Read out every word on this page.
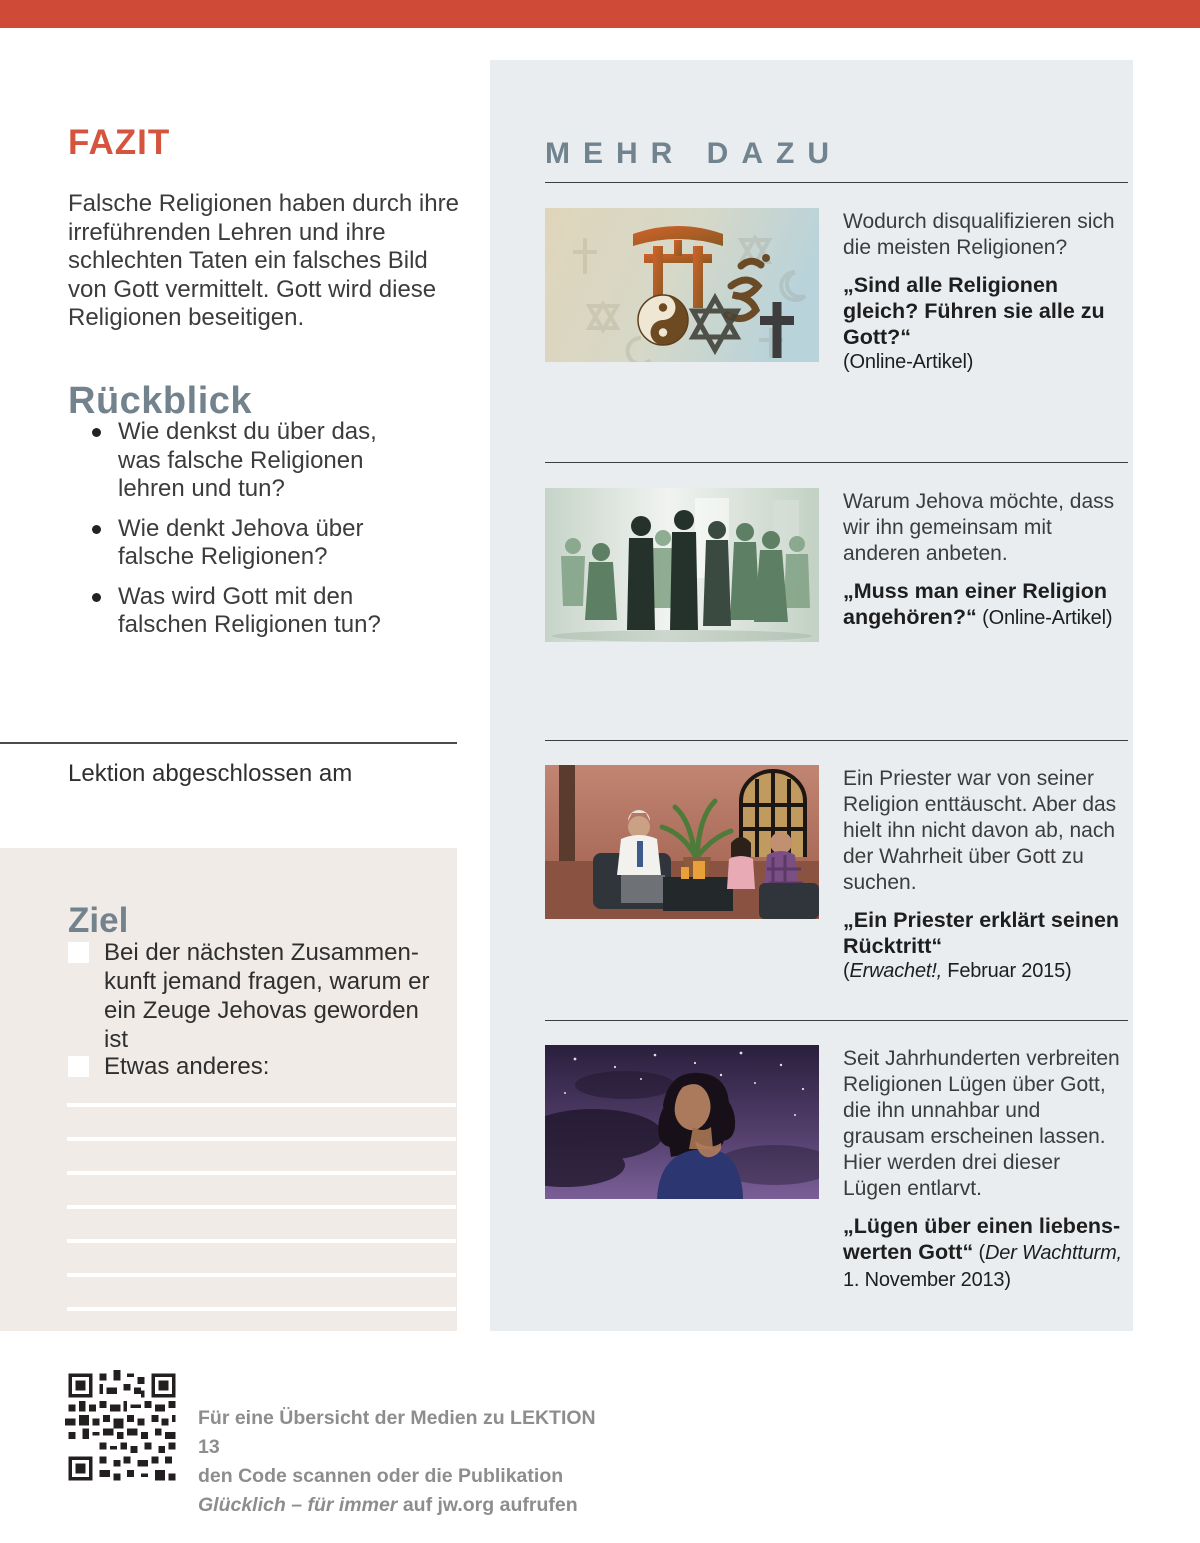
FAZIT

Falsche Religionen haben durch ihre irreführenden Lehren und ihre schlechten Taten ein falsches Bild von Gott vermittelt. Gott wird diese Religionen beseitigen.

Rückblick
Wie denkst du über das, was falsche Religionen lehren und tun?
Wie denkt Jehova über falsche Religionen?
Was wird Gott mit den falschen Religionen tun?
Lektion abgeschlossen am
Ziel
Bei der nächsten Zusammenkunft jemand fragen, warum er ein Zeuge Jehovas geworden ist
Etwas anderes:
MEHR DAZU

Wodurch disqualifizieren sich die meisten Religionen?

„Sind alle Religionen gleich? Führen sie alle zu Gott?“
(Online-Artikel)

Warum Jehova möchte, dass wir ihn gemeinsam mit anderen anbeten.

„Muss man einer Religion angehören?“ (Online-Artikel)

Ein Priester war von seiner Religion enttäuscht. Aber das hielt ihn nicht davon ab, nach der Wahrheit über Gott zu suchen.

„Ein Priester erklärt seinen Rücktritt“
(Erwachet!, Februar 2015)

Seit Jahrhunderten verbreiten Religionen Lügen über Gott, die ihn unnahbar und grausam erscheinen lassen. Hier werden drei dieser Lügen entlarvt.

„Lügen über einen liebenswerten Gott“ (Der Wachtturm, 1. November 2013)
Für eine Übersicht der Medien zu LEKTION 13
den Code scannen oder die Publikation
Glücklich – für immer auf jw.org aufrufen
